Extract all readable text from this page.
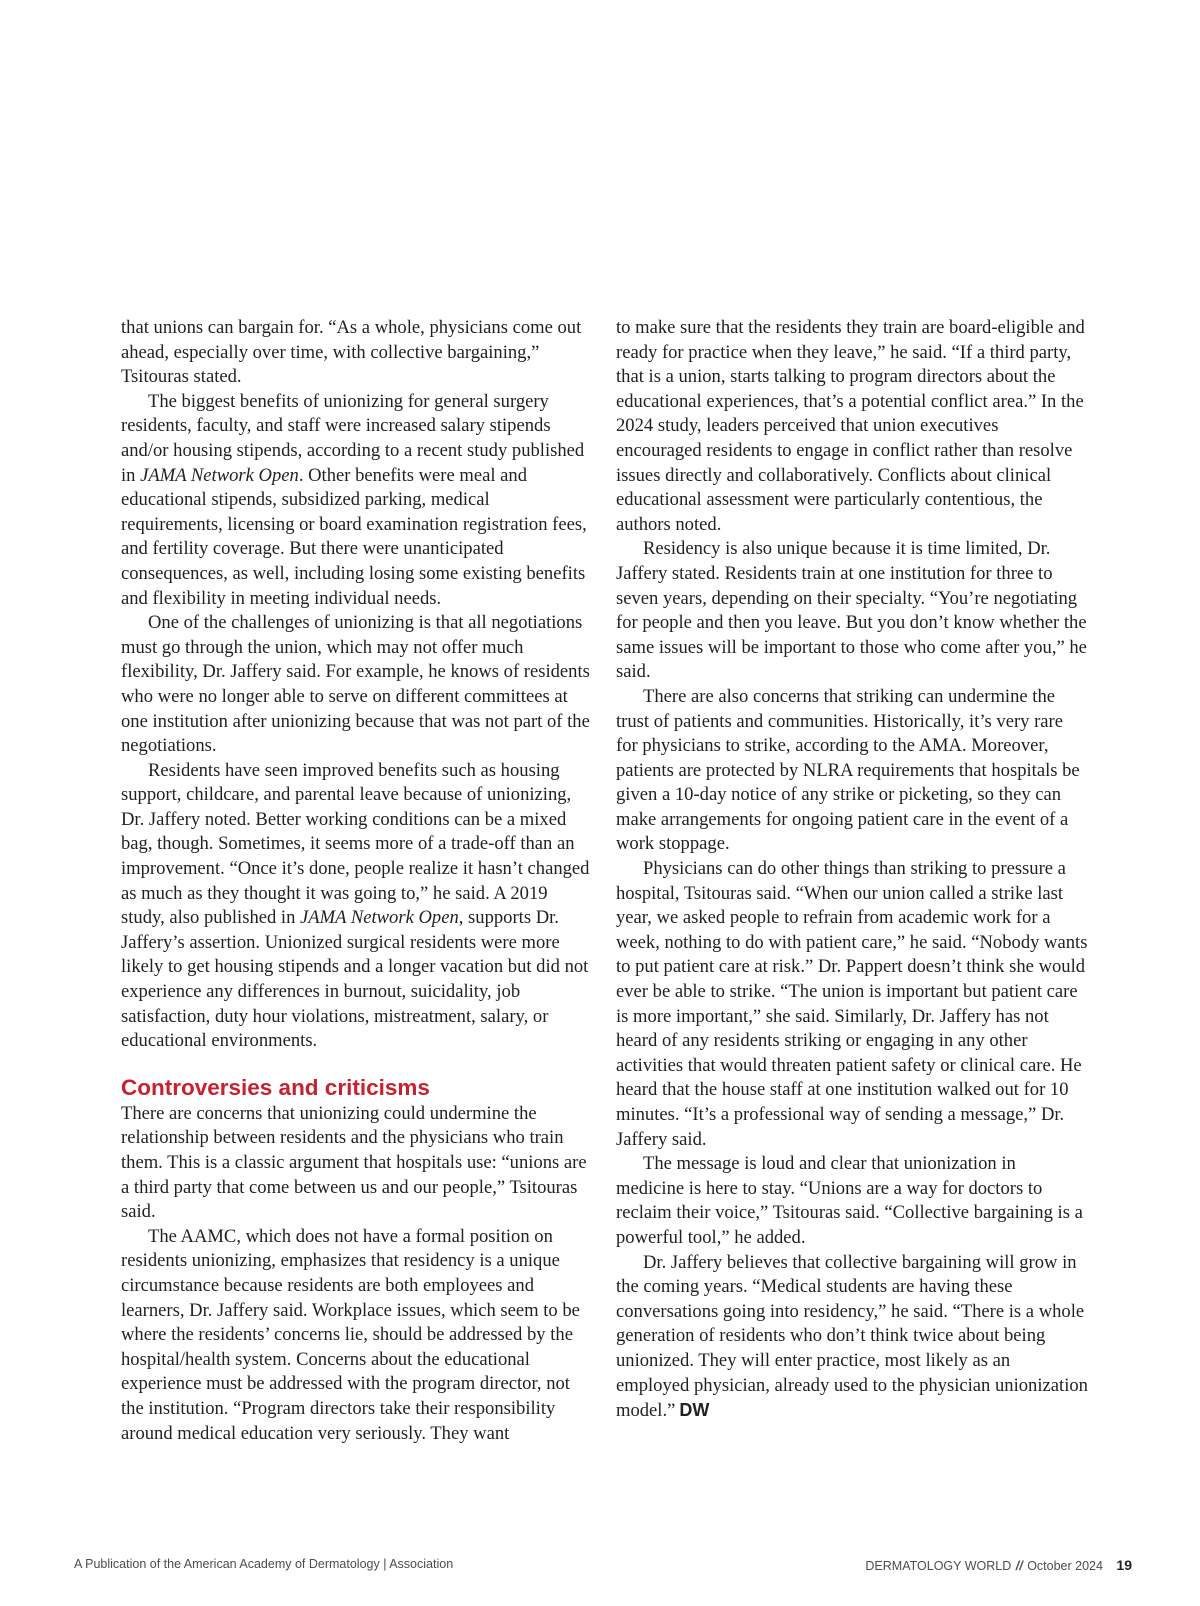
that unions can bargain for. “As a whole, physicians come out ahead, especially over time, with collective bargaining,” Tsitouras stated.

The biggest benefits of unionizing for general surgery residents, faculty, and staff were increased salary stipends and/or housing stipends, according to a recent study published in JAMA Network Open. Other benefits were meal and educational stipends, subsidized parking, medical requirements, licensing or board examination registration fees, and fertility coverage. But there were unanticipated consequences, as well, including losing some existing benefits and flexibility in meeting individual needs.

One of the challenges of unionizing is that all negotiations must go through the union, which may not offer much flexibility, Dr. Jaffery said. For example, he knows of residents who were no longer able to serve on different committees at one institution after unionizing because that was not part of the negotiations.

Residents have seen improved benefits such as housing support, childcare, and parental leave because of unionizing, Dr. Jaffery noted. Better working conditions can be a mixed bag, though. Sometimes, it seems more of a trade-off than an improvement. “Once it’s done, people realize it hasn’t changed as much as they thought it was going to,” he said. A 2019 study, also published in JAMA Network Open, supports Dr. Jaffery’s assertion. Unionized surgical residents were more likely to get housing stipends and a longer vacation but did not experience any differences in burnout, suicidality, job satisfaction, duty hour violations, mistreatment, salary, or educational environments.

Controversies and criticisms

There are concerns that unionizing could undermine the relationship between residents and the physicians who train them. This is a classic argument that hospitals use: “unions are a third party that come between us and our people,” Tsitouras said.

The AAMC, which does not have a formal position on residents unionizing, emphasizes that residency is a unique circumstance because residents are both employees and learners, Dr. Jaffery said. Workplace issues, which seem to be where the residents’ concerns lie, should be addressed by the hospital/health system. Concerns about the educational experience must be addressed with the program director, not the institution. “Program directors take their responsibility around medical education very seriously. They want

to make sure that the residents they train are board-eligible and ready for practice when they leave,” he said. “If a third party, that is a union, starts talking to program directors about the educational experiences, that’s a potential conflict area.” In the 2024 study, leaders perceived that union executives encouraged residents to engage in conflict rather than resolve issues directly and collaboratively. Conflicts about clinical educational assessment were particularly contentious, the authors noted.

Residency is also unique because it is time limited, Dr. Jaffery stated. Residents train at one institution for three to seven years, depending on their specialty. “You’re negotiating for people and then you leave. But you don’t know whether the same issues will be important to those who come after you,” he said.

There are also concerns that striking can undermine the trust of patients and communities. Historically, it’s very rare for physicians to strike, according to the AMA. Moreover, patients are protected by NLRA requirements that hospitals be given a 10-day notice of any strike or picketing, so they can make arrangements for ongoing patient care in the event of a work stoppage.

Physicians can do other things than striking to pressure a hospital, Tsitouras said. “When our union called a strike last year, we asked people to refrain from academic work for a week, nothing to do with patient care,” he said. “Nobody wants to put patient care at risk.” Dr. Pappert doesn’t think she would ever be able to strike. “The union is important but patient care is more important,” she said. Similarly, Dr. Jaffery has not heard of any residents striking or engaging in any other activities that would threaten patient safety or clinical care. He heard that the house staff at one institution walked out for 10 minutes. “It’s a professional way of sending a message,” Dr. Jaffery said.

The message is loud and clear that unionization in medicine is here to stay. “Unions are a way for doctors to reclaim their voice,” Tsitouras said. “Collective bargaining is a powerful tool,” he added.

Dr. Jaffery believes that collective bargaining will grow in the coming years. “Medical students are having these conversations going into residency,” he said. “There is a whole generation of residents who don’t think twice about being unionized. They will enter practice, most likely as an employed physician, already used to the physician unionization model.” DW

A Publication of the American Academy of Dermatology | Association	DERMATOLOGY WORLD // October 2024 19
